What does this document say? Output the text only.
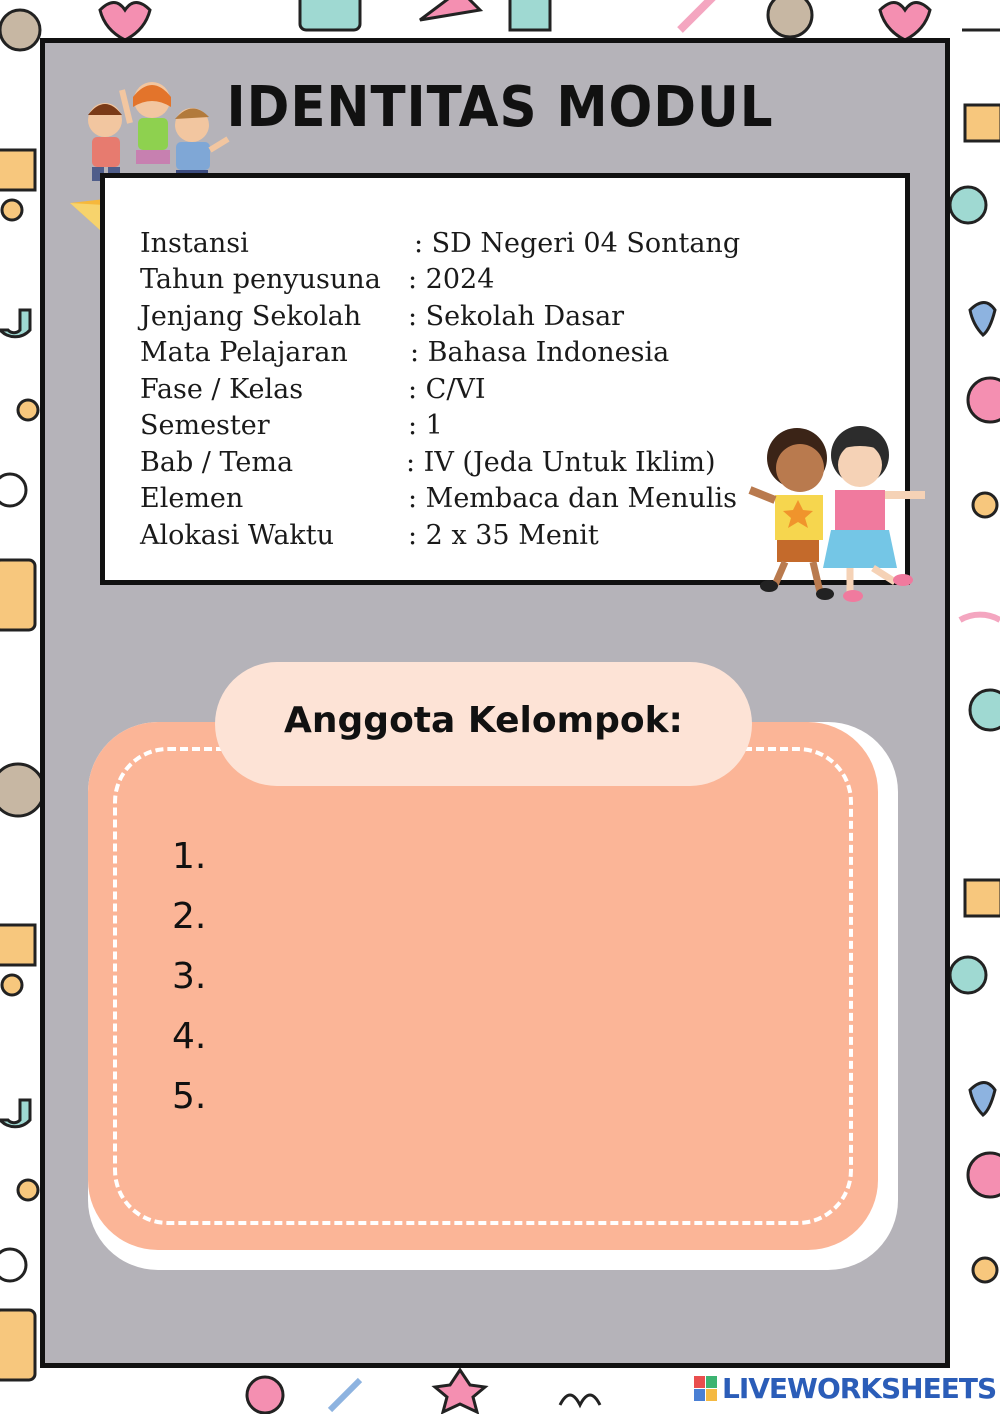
IDENTITAS MODUL
Instansi	: SD Negeri 04 Sontang
Tahun penyusuna : 2024
Jenjang Sekolah : Sekolah Dasar
Mata Pelajaran : Bahasa Indonesia
Fase / Kelas	: C/VI
Semester	: 1
Bab / Tema	: IV (Jeda Untuk Iklim)
Elemen	: Membaca dan Menulis
Alokasi Waktu	: 2 x 35 Menit
Anggota Kelompok:
1.
2.
3.
4.
5.
LIVEWORKSHEETS
